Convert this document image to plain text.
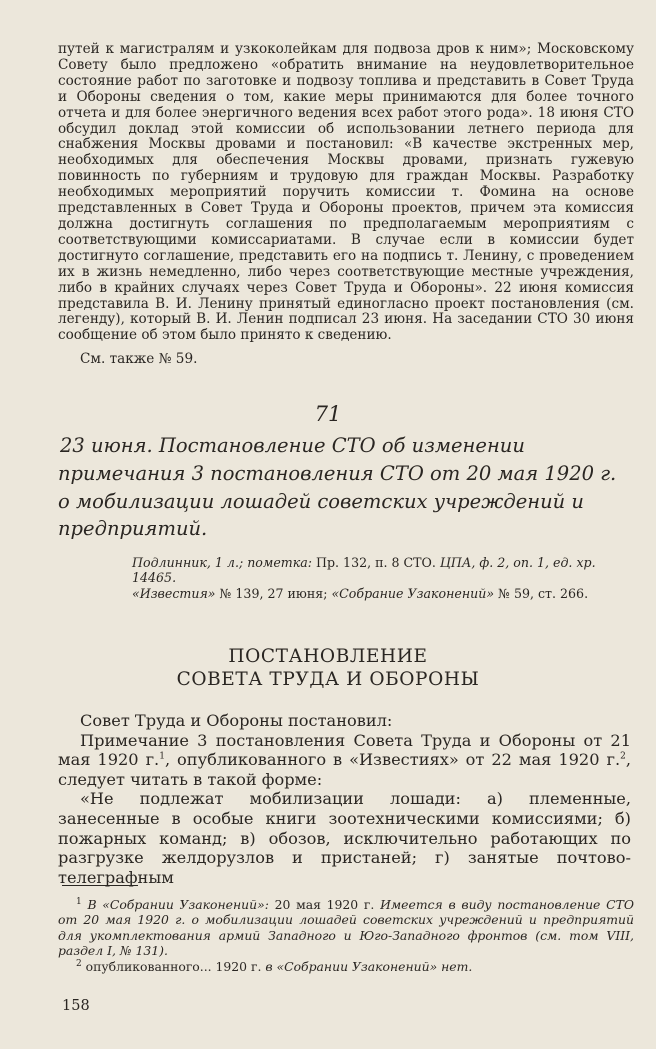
путей к магистралям и узкоколейкам для подвоза дров к ним»; Московскому Совету было предложено «обратить внимание на неудовлетворительное состояние работ по заготовке и подвозу топлива и представить в Совет Труда и Обороны сведения о том, какие меры принимаются для более точного отчета и для более энергичного ведения всех работ этого рода». 18 июня СТО обсудил доклад этой комиссии об использовании летнего периода для снабжения Москвы дровами и постановил: «В качестве экстренных мер, необходимых для обеспечения Москвы дровами, признать гужевую повинность по губерниям и трудовую для граждан Москвы. Разработку необходимых мероприятий поручить комиссии т. Фомина на основе представленных в Совет Труда и Обороны проектов, причем эта комиссия должна достигнуть соглашения по предполагаемым мероприятиям с соответствующими комиссариатами. В случае если в комиссии будет достигнуто соглашение, представить его на подпись т. Ленину, с проведением их в жизнь немедленно, либо через соответствующие местные учреждения, либо в крайних случаях через Совет Труда и Обороны». 22 июня комиссия представила В. И. Ленину принятый единогласно проект постановления (см. легенду), который В. И. Ленин подписал 23 июня. На заседании СТО 30 июня сообщение об этом было принято к сведению.

См. также № 59.
71
23 июня. Постановление СТО об изменении примечания 3 постановления СТО от 20 мая 1920 г. о мобилизации лошадей советских учреждений и предприятий.
Подлинник, 1 л.; пометка: Пр. 132, п. 8 СТО. ЦПА, ф. 2, оп. 1, ед. хр. 14465.
«Известия» № 139, 27 июня; «Собрание Узаконений» № 59, ст. 266.
ПОСТАНОВЛЕНИЕ
СОВЕТА ТРУДА И ОБОРОНЫ

Совет Труда и Обороны постановил:

Примечание 3 постановления Совета Труда и Обороны от 21 мая 1920 г.$^1$, опубликованного в «Известиях» от 22 мая 1920 г.$^2$, следует читать в такой форме:

«Не подлежат мобилизации лошади: а) племенные, занесенные в особые книги зоотехническими комиссиями; б) пожарных команд; в) обозов, исключительно работающих по разгрузке желдорузлов и пристаней; г) занятые почтово-телеграфным

$^1$ В «Собрании Узаконений»: 20 мая 1920 г. Имеется в виду постановление СТО от 20 мая 1920 г. о мобилизации лошадей советских учреждений и предприятий для укомплектования армий Западного и Юго-Западного фронтов (см. том VIII, раздел I, № 131).

$^2$ опубликованного... 1920 г. в «Собрании Узаконений» нет.

158
